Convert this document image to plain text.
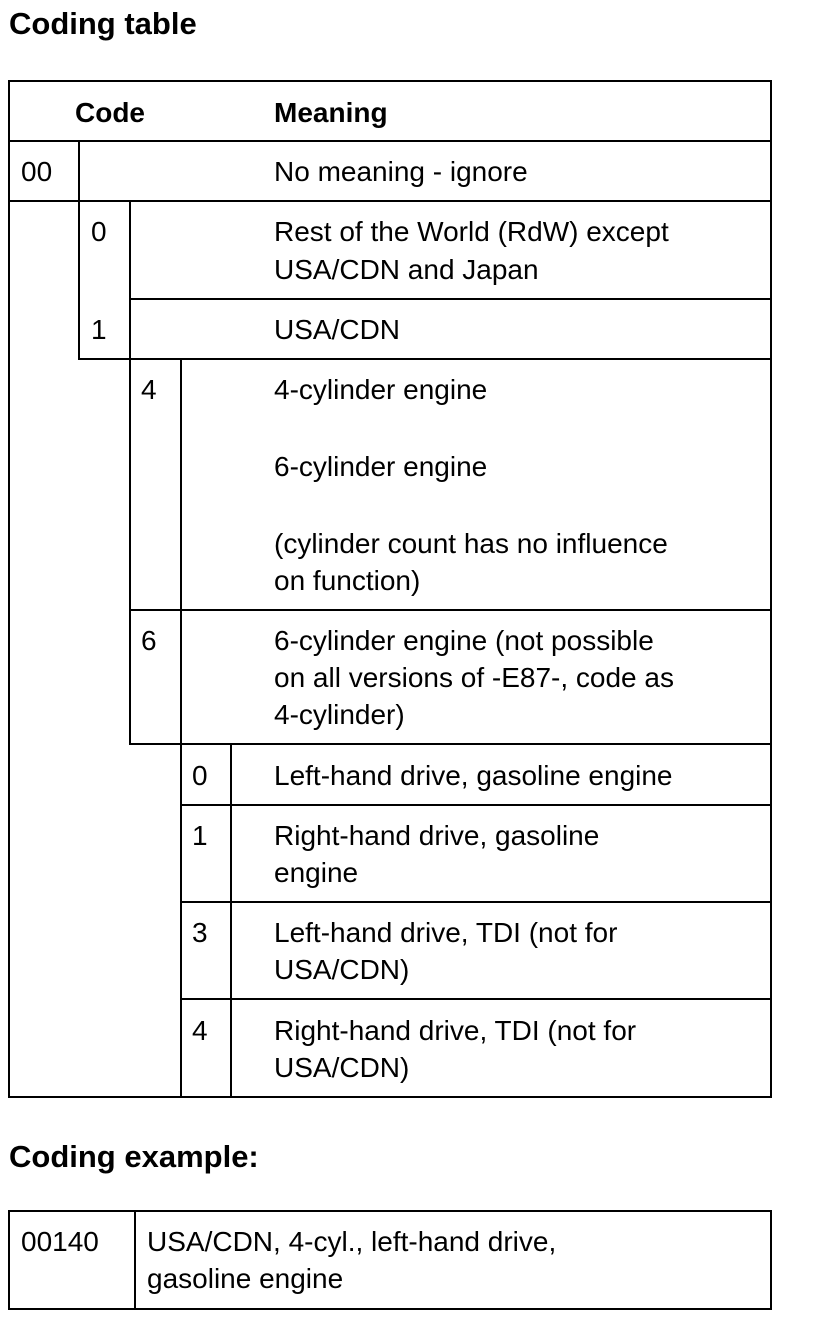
Coding table
Code	Meaning
00	No meaning - ignore
0	Rest of the World (RdW) except
USA/CDN and Japan
1	USA/CDN
4	4-cylinder engine
6-cylinder engine
(cylinder count has no influence
on function)
6	6-cylinder engine (not possible
on all versions of -E87-, code as
4-cylinder)
0 Left-hand drive, gasoline engine
1 Right-hand drive, gasoline
engine
3 Left-hand drive, TDI (not for
USA/CDN)
4 Right-hand drive, TDI (not for
USA/CDN)
Coding example:
00140 USA/CDN, 4-cyl., left-hand drive,
gasoline engine
